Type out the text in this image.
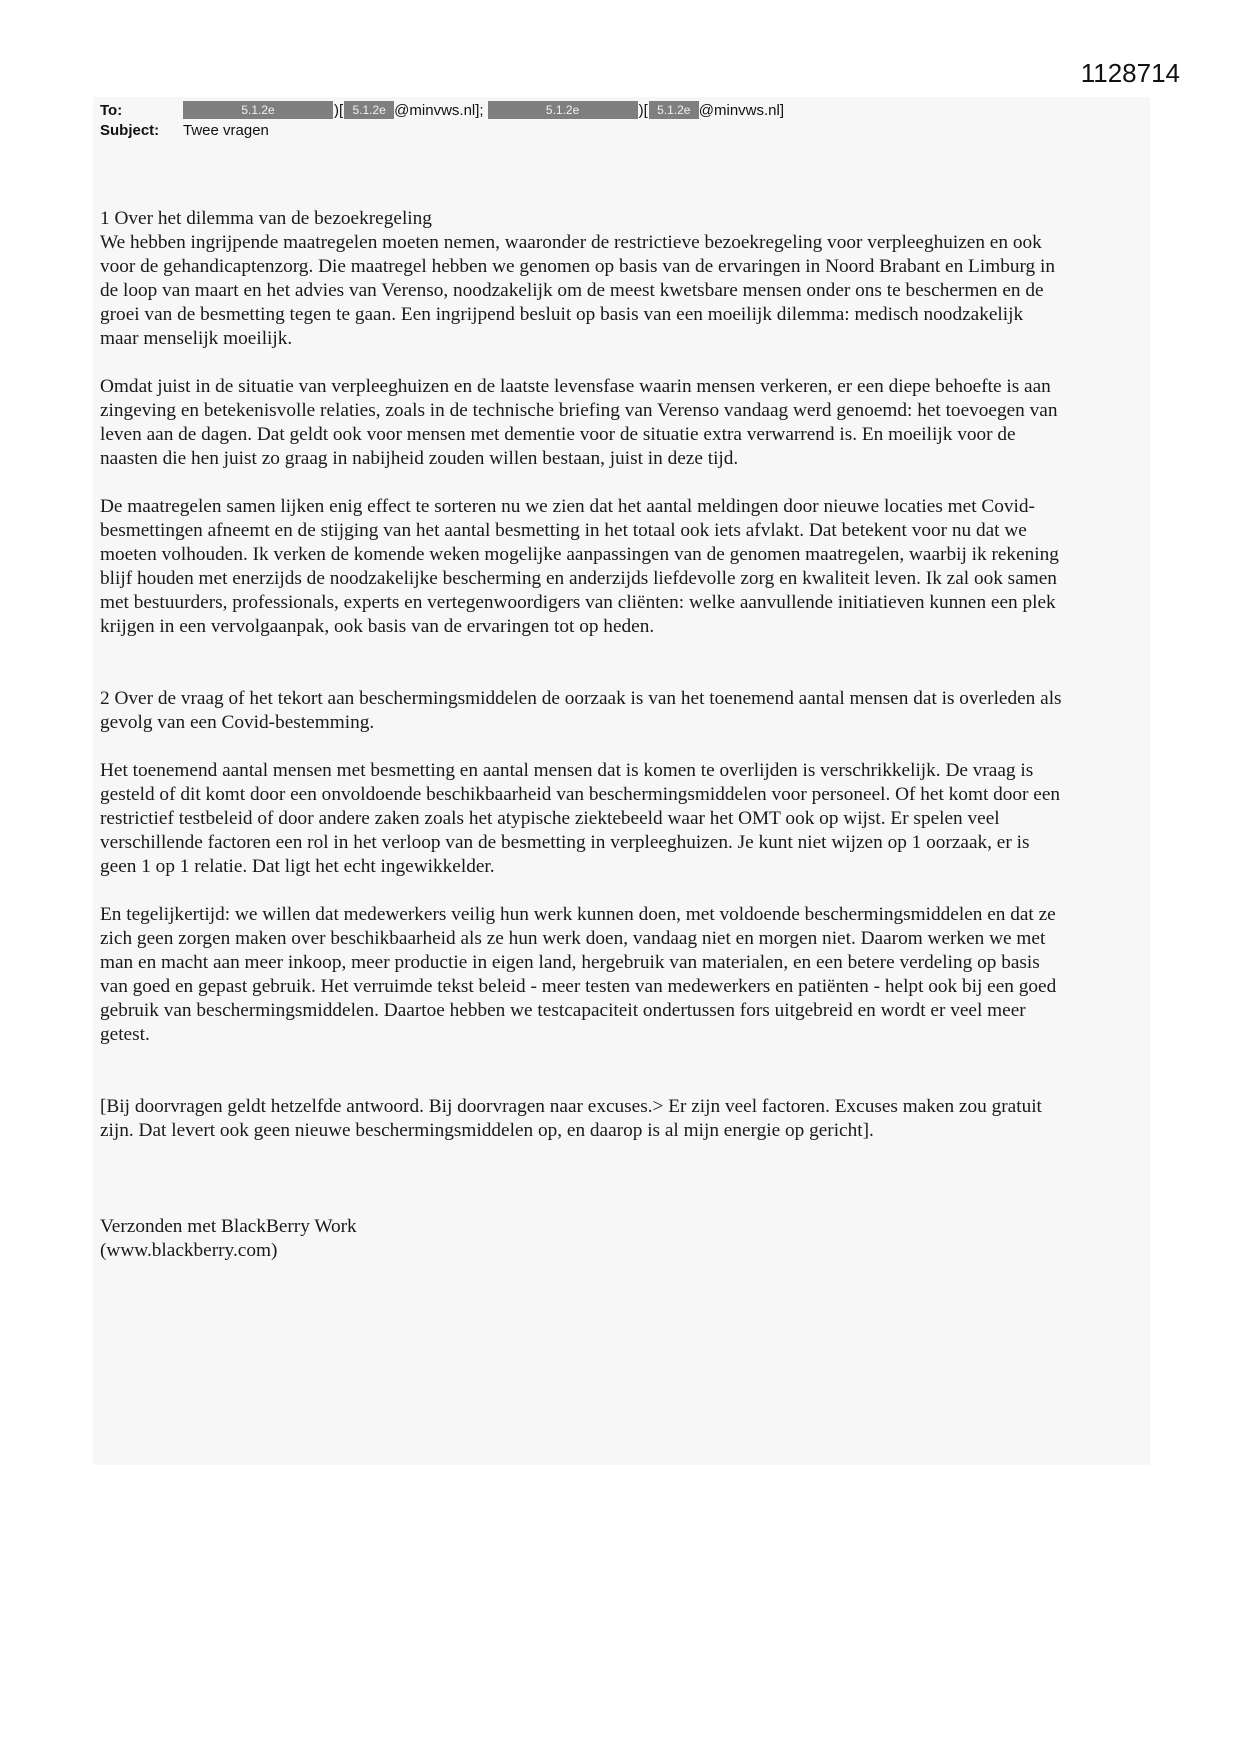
1128714
To:	5.1.2e	)[ 5.1.2e @minvws.nl];	5.1.2e	)[ 5.1.2e @minvws.nl]
Subject:	Twee vragen

1 Over het dilemma van de bezoekregeling
We hebben ingrijpende maatregelen moeten nemen, waaronder de restrictieve bezoekregeling voor verpleeghuizen en ook
voor de gehandicaptenzorg. Die maatregel hebben we genomen op basis van de ervaringen in Noord Brabant en Limburg in
de loop van maart en het advies van Verenso, noodzakelijk om de meest kwetsbare mensen onder ons te beschermen en de
groei van de besmetting tegen te gaan. Een ingrijpend besluit op basis van een moeilijk dilemma: medisch noodzakelijk
maar menselijk moeilijk.

Omdat juist in de situatie van verpleeghuizen en de laatste levensfase waarin mensen verkeren, er een diepe behoefte is aan
zingeving en betekenisvolle relaties, zoals in de technische briefing van Verenso vandaag werd genoemd: het toevoegen van
leven aan de dagen. Dat geldt ook voor mensen met dementie voor de situatie extra verwarrend is. En moeilijk voor de
naasten die hen juist zo graag in nabijheid zouden willen bestaan, juist in deze tijd.

De maatregelen samen lijken enig effect te sorteren nu we zien dat het aantal meldingen door nieuwe locaties met Covid-
besmettingen afneemt en de stijging van het aantal besmetting in het totaal ook iets afvlakt. Dat betekent voor nu dat we
moeten volhouden. Ik verken de komende weken mogelijke aanpassingen van de genomen maatregelen, waarbij ik rekening
blijf houden met enerzijds de noodzakelijke bescherming en anderzijds liefdevolle zorg en kwaliteit leven. Ik zal ook samen
met bestuurders, professionals, experts en vertegenwoordigers van cliënten: welke aanvullende initiatieven kunnen een plek
krijgen in een vervolgaanpak, ook basis van de ervaringen tot op heden.

2 Over de vraag of het tekort aan beschermingsmiddelen de oorzaak is van het toenemend aantal mensen dat is overleden als
gevolg van een Covid-bestemming.

Het toenemend aantal mensen met besmetting en aantal mensen dat is komen te overlijden is verschrikkelijk. De vraag is
gesteld of dit komt door een onvoldoende beschikbaarheid van beschermingsmiddelen voor personeel. Of het komt door een
restrictief testbeleid of door andere zaken zoals het atypische ziektebeeld waar het OMT ook op wijst. Er spelen veel
verschillende factoren een rol in het verloop van de besmetting in verpleeghuizen. Je kunt niet wijzen op 1 oorzaak, er is
geen 1 op 1 relatie. Dat ligt het echt ingewikkelder.

En tegelijkertijd: we willen dat medewerkers veilig hun werk kunnen doen, met voldoende beschermingsmiddelen en dat ze
zich geen zorgen maken over beschikbaarheid als ze hun werk doen, vandaag niet en morgen niet. Daarom werken we met
man en macht aan meer inkoop, meer productie in eigen land, hergebruik van materialen, en een betere verdeling op basis
van goed en gepast gebruik. Het verruimde tekst beleid - meer testen van medewerkers en patiënten - helpt ook bij een goed
gebruik van beschermingsmiddelen. Daartoe hebben we testcapaciteit ondertussen fors uitgebreid en wordt er veel meer
getest.

[Bij doorvragen geldt hetzelfde antwoord. Bij doorvragen naar excuses.> Er zijn veel factoren. Excuses maken zou gratuit
zijn. Dat levert ook geen nieuwe beschermingsmiddelen op, en daarop is al mijn energie op gericht].

Verzonden met BlackBerry Work
(www.blackberry.com)
